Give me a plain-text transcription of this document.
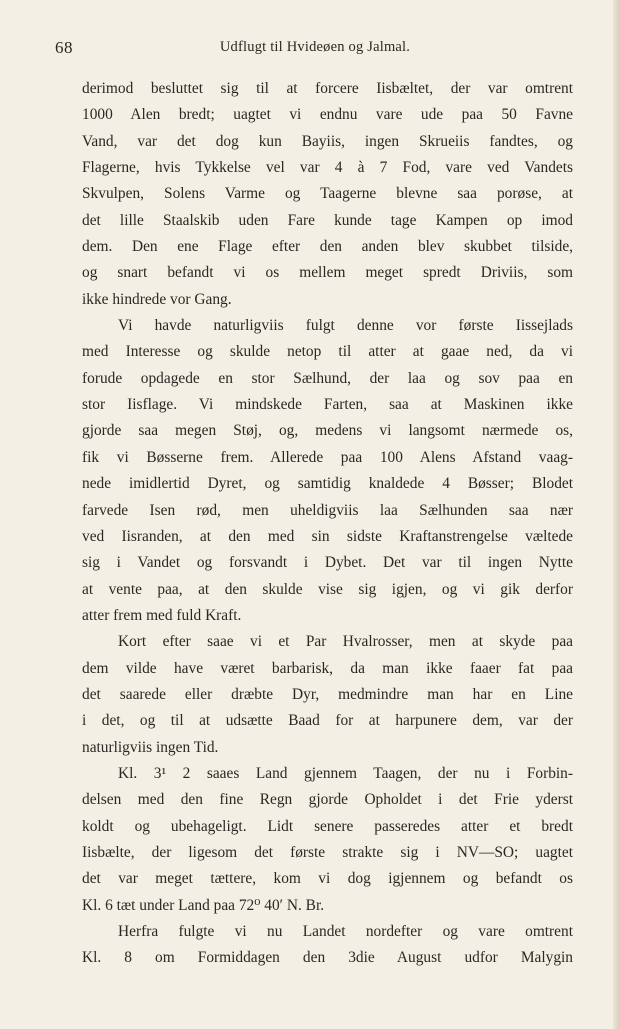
68	Udflugt til Hvideøen og Jalmal.
derimod besluttet sig til at forcere Iisbæltet, der var omtrent
1000 Alen bredt; uagtet vi endnu vare ude paa 50 Favne
Vand, var det dog kun Bayiis, ingen Skrueiis fandtes, og
Flagerne, hvis Tykkelse vel var 4 à 7 Fod, vare ved Vandets
Skvulpen, Solens Varme og Taagerne blevne saa porøse, at
det lille Staalskib uden Fare kunde tage Kampen op imod
dem. Den ene Flage efter den anden blev skubbet tilside,
og snart befandt vi os mellem meget spredt Driviis, som
ikke hindrede vor Gang.
Vi havde naturligviis fulgt denne vor første Iissejlads
med Interesse og skulde netop til atter at gaae ned, da vi
forude opdagede en stor Sælhund, der laa og sov paa en
stor Iisflage. Vi mindskede Farten, saa at Maskinen ikke
gjorde saa megen Støj, og, medens vi langsomt nærmede os,
fik vi Bøsserne frem. Allerede paa 100 Alens Afstand vaag-
nede imidlertid Dyret, og samtidig knaldede 4 Bøsser; Blodet
farvede Isen rød, men uheldigviis laa Sælhunden saa nær
ved Iisranden, at den med sin sidste Kraftanstrengelse væltede
sig i Vandet og forsvandt i Dybet. Det var til ingen Nytte
at vente paa, at den skulde vise sig igjen, og vi gik derfor
atter frem med fuld Kraft.
Kort efter saae vi et Par Hvalrosser, men at skyde paa
dem vilde have været barbarisk, da man ikke faaer fat paa
det saarede eller dræbte Dyr, medmindre man har en Line
i det, og til at udsætte Baad for at harpunere dem, var der
naturligviis ingen Tid.
Kl. 3¹ 2 saaes Land gjennem Taagen, der nu i Forbin-
delsen med den fine Regn gjorde Opholdet i det Frie yderst
koldt og ubehageligt. Lidt senere passeredes atter et bredt
Iisbælte, der ligesom det første strakte sig i NV—SO; uagtet
det var meget tættere, kom vi dog igjennem og befandt os
Kl. 6 tæt under Land paa 72⁰ 40′ N. Br.
Herfra fulgte vi nu Landet nordefter og vare omtrent
Kl. 8 om Formiddagen den 3die August udfor Malygin
